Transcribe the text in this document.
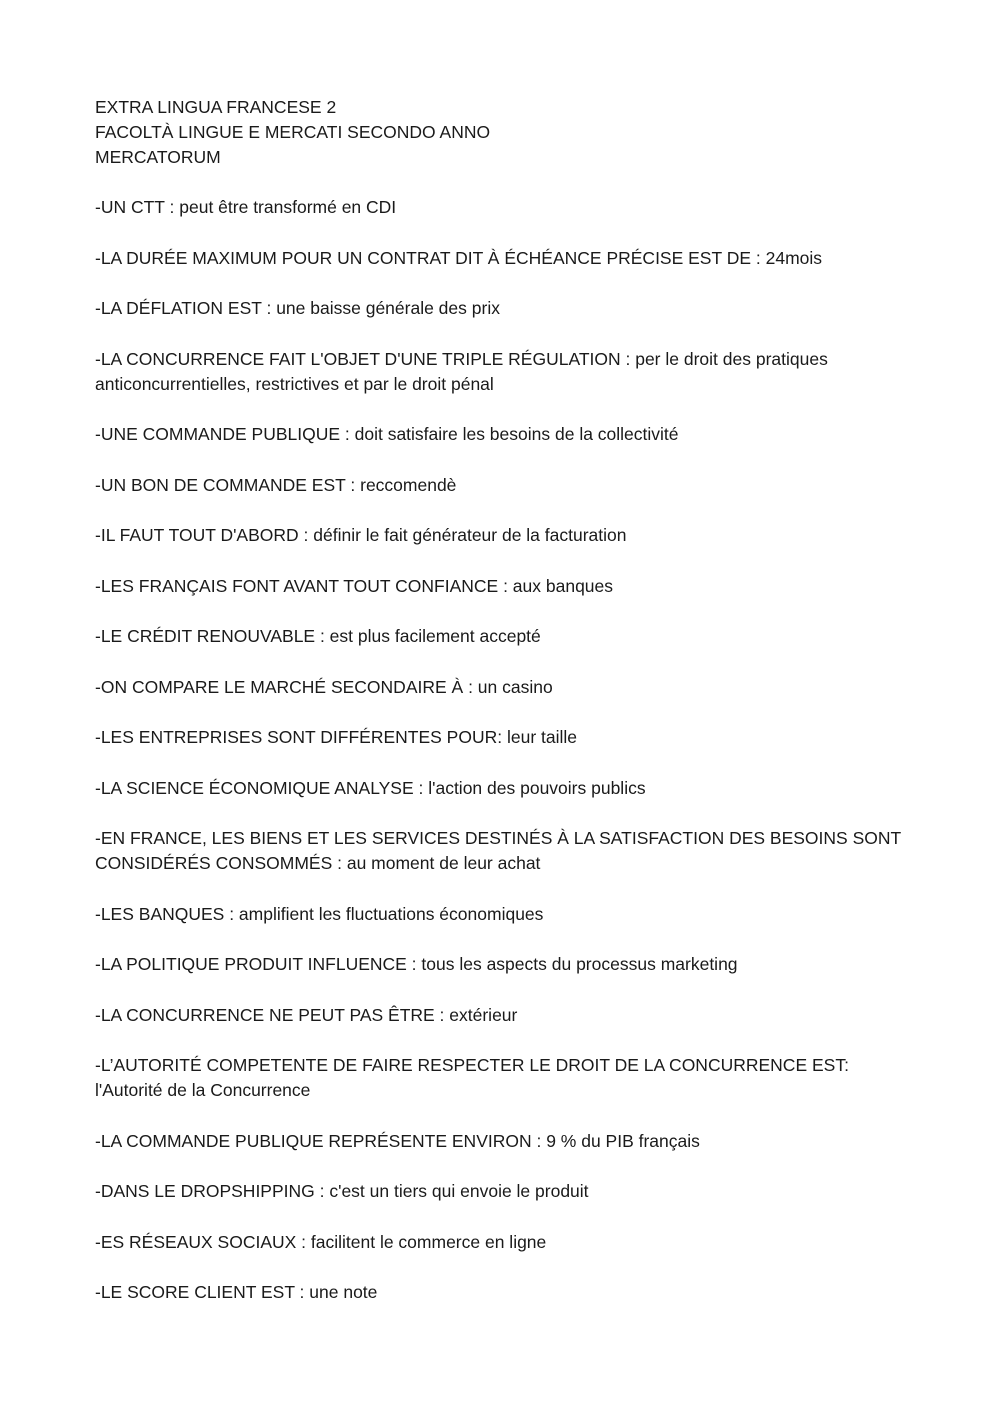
EXTRA LINGUA FRANCESE 2
FACOLTÀ LINGUE E MERCATI SECONDO ANNO
MERCATORUM

-UN CTT : peut être transformé en CDI

-LA DURÉE MAXIMUM POUR UN CONTRAT DIT À ÉCHÉANCE PRÉCISE EST DE : 24mois

-LA DÉFLATION EST : une baisse générale des prix

-LA CONCURRENCE FAIT L'OBJET D'UNE TRIPLE RÉGULATION : per le droit des pratiques anticoncurrentielles, restrictives et par le droit pénal

-UNE COMMANDE PUBLIQUE : doit satisfaire les besoins de la collectivité

-UN BON DE COMMANDE EST : reccomendè

-IL FAUT TOUT D'ABORD : définir le fait générateur de la facturation

-LES FRANÇAIS FONT AVANT TOUT CONFIANCE : aux banques

-LE CRÉDIT RENOUVABLE : est plus facilement accepté

-ON COMPARE LE MARCHÉ SECONDAIRE À : un casino

-LES ENTREPRISES SONT DIFFÉRENTES POUR: leur taille

-LA SCIENCE ÉCONOMIQUE ANALYSE : l'action des pouvoirs publics

-EN FRANCE, LES BIENS ET LES SERVICES DESTINÉS À LA SATISFACTION DES BESOINS SONT CONSIDÉRÉS CONSOMMÉS : au moment de leur achat

-LES BANQUES : amplifient les fluctuations économiques

-LA POLITIQUE PRODUIT INFLUENCE : tous les aspects du processus marketing

-LA CONCURRENCE NE PEUT PAS ÊTRE : extérieur

-L’AUTORITÉ COMPETENTE DE FAIRE RESPECTER LE DROIT DE LA CONCURRENCE EST: l'Autorité de la Concurrence

-LA COMMANDE PUBLIQUE REPRÉSENTE ENVIRON : 9 % du PIB français

-DANS LE DROPSHIPPING : c'est un tiers qui envoie le produit

-ES RÉSEAUX SOCIAUX : facilitent le commerce en ligne

-LE SCORE CLIENT EST : une note
